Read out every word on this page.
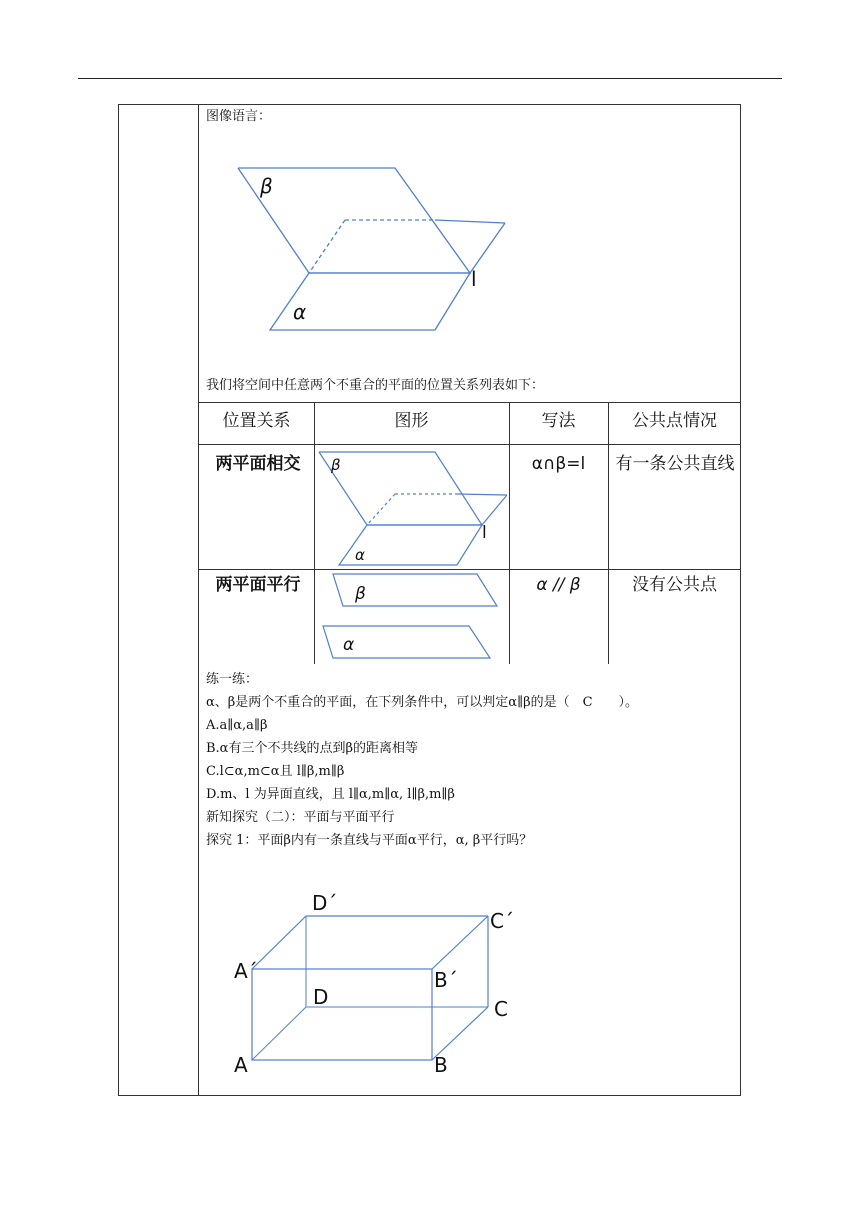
图像语言：
β
α
l
我们将空间中任意两个不重合的平面的位置关系列表如下：
位置关系	图形	写法	公共点情况
两平面相交	α∩β=l	有一条公共直线
两平面平行	α // β	没有公共点
β
α
l
β
α
练一练：
α、β是两个不重合的平面，在下列条件中，可以判定α∥β的是（　C　　）。
A.a∥α,a∥β
B.α有三个不共线的点到β的距离相等
C.l⊂α,m⊂α且 l∥β,m∥β
D.m、l 为异面直线，且 l∥α,m∥α, l∥β,m∥β
新知探究（二）：平面与平面平行
探究 1：平面β内有一条直线与平面α平行，α, β平行吗？
D´
C´
A´	B´
D	C
A	B
